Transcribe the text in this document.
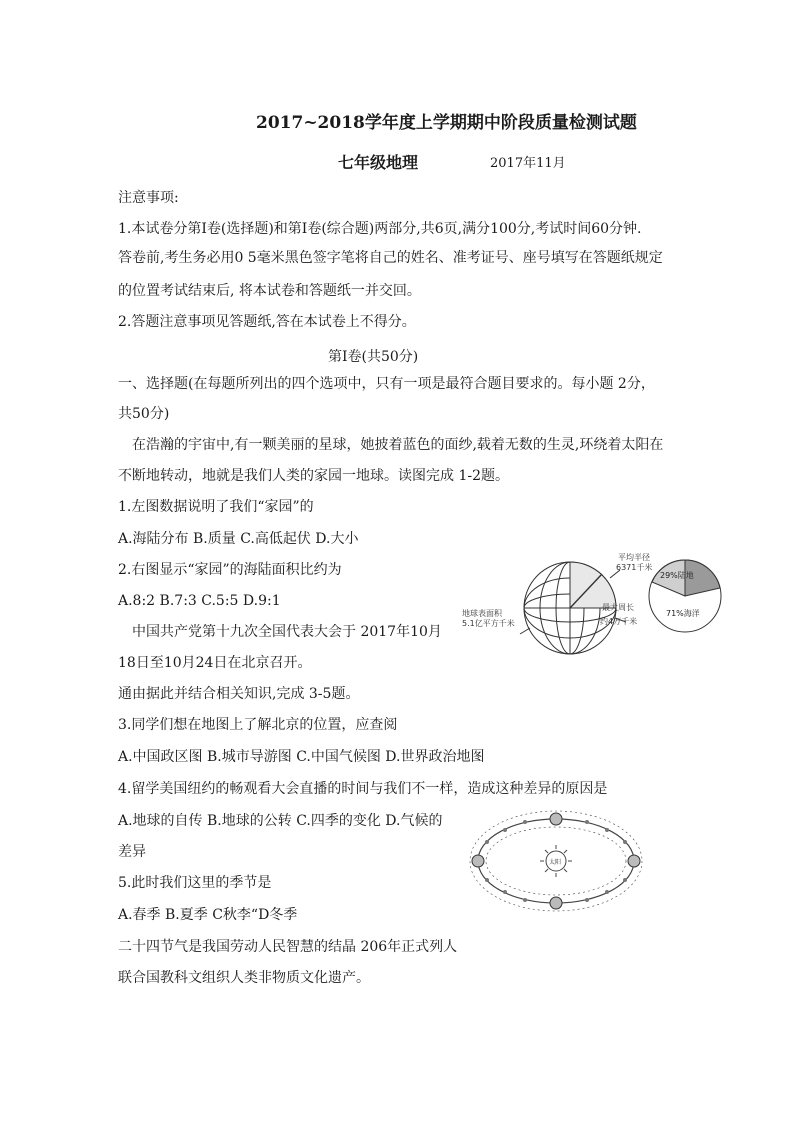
2017~2018学年度上学期期中阶段质量检测试题
七年级地理	2017年11月
注意事项:
1.本试卷分第Ⅰ卷(选择题)和第Ⅰ卷(综合题)两部分,共6页,满分100分,考试时间60分钟.
答卷前,考生务必用0 5毫米黑色签字笔将自己的姓名、准考证号、座号填写在答题纸规定
的位置考试结束后, 将本试卷和答题纸一并交回。
2.答题注意事项见答题纸,答在本试卷上不得分。
第Ⅰ卷(共50分)
一、选择题(在每题所列出的四个选项中，只有一项是最符合题目要求的。每小题 2分，
共50分)
在浩瀚的宇宙中,有一颗美丽的星球，她披着蓝色的面纱,载着无数的生灵,环绕着太阳在
不断地转动，地就是我们人类的家园一地球。读图完成 1-2题。
1.左图数据说明了我们“家园”的
A.海陆分布 B.质量 C.高低起伏 D.大小
2.右图显示“家园”的海陆面积比约为
A.8:2 B.7:3 C.5:5 D.9:1
中国共产党第十九次全国代表大会于 2017年10月
18日至10月24日在北京召开。
通由据此并结合相关知识,完成 3-5题。
3.同学们想在地图上了解北京的位置，应查阅
A.中国政区图 B.城市导游图 C.中国气候图 D.世界政治地图
4.留学美国纽约的畅观看大会直播的时间与我们不一样，造成这种差异的原因是
A.地球的自传 B.地球的公转 C.四季的变化 D.气候的
差异
5.此时我们这里的季节是
A.春季 B.夏季 C秋李“D冬季
二十四节气是我国劳动人民智慧的结晶 206年正式列人
联合国教科文组织人类非物质文化遗产。
平均半径
6371千米
地球表面积
5.1亿平方千米
最大周长
约4万千米
29%陆地
71%海洋
太阳
